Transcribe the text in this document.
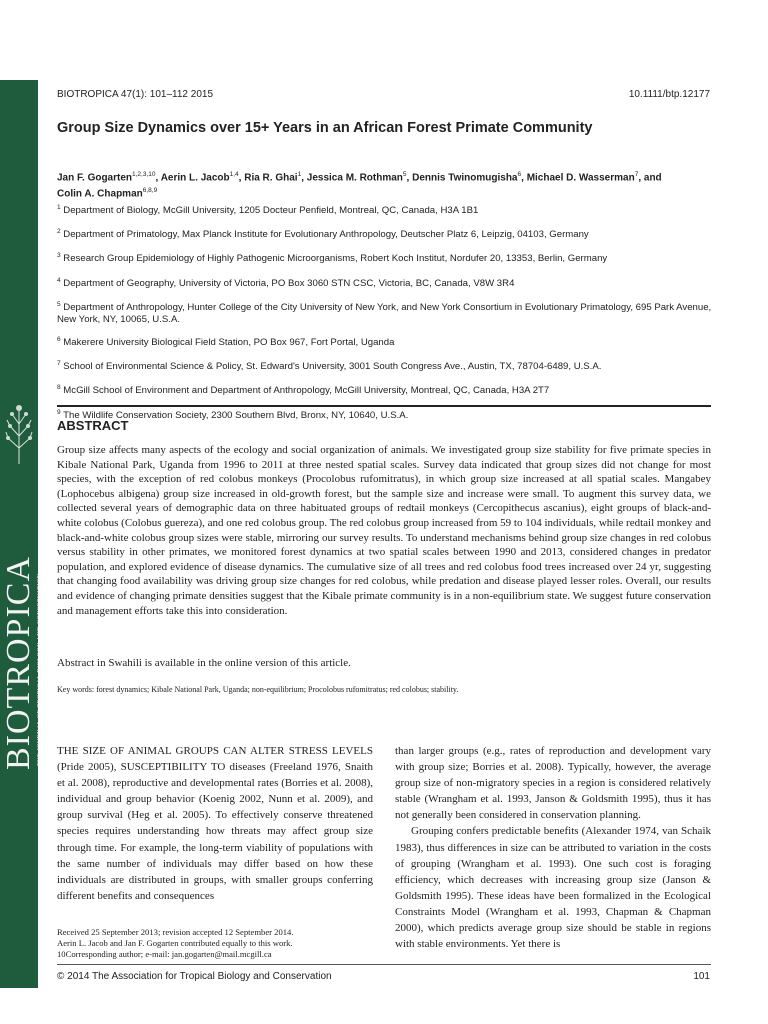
BIOTROPICA THE JOURNAL OF TROPICAL BIOLOGY AND CONSERVATION
BIOTROPICA 47(1): 101–112 2015	10.1111/btp.12177
Group Size Dynamics over 15+ Years in an African Forest Primate Community
Jan F. Gogarten$^{1,2,3,10}$, Aerin L. Jacob$^{1,4}$, Ria R. Ghai$^1$, Jessica M. Rothman$^5$, Dennis Twinomugisha$^6$, Michael D. Wasserman$^7$, and
Colin A. Chapman$^{6,8,9}$
$^1$ Department of Biology, McGill University, 1205 Docteur Penfield, Montreal, QC, Canada, H3A 1B1
$^2$ Department of Primatology, Max Planck Institute for Evolutionary Anthropology, Deutscher Platz 6, Leipzig, 04103, Germany
$^3$ Research Group Epidemiology of Highly Pathogenic Microorganisms, Robert Koch Institut, Nordufer 20, 13353, Berlin, Germany
$^4$ Department of Geography, University of Victoria, PO Box 3060 STN CSC, Victoria, BC, Canada, V8W 3R4
$^5$ Department of Anthropology, Hunter College of the City University of New York, and New York Consortium in Evolutionary Primatology, 695 Park Avenue, New York, NY, 10065, U.S.A.
$^6$ Makerere University Biological Field Station, PO Box 967, Fort Portal, Uganda
$^7$ School of Environmental Science & Policy, St. Edward's University, 3001 South Congress Ave., Austin, TX, 78704-6489, U.S.A.
$^8$ McGill School of Environment and Department of Anthropology, McGill University, Montreal, QC, Canada, H3A 2T7
$^9$ The Wildlife Conservation Society, 2300 Southern Blvd, Bronx, NY, 10640, U.S.A.
ABSTRACT
Group size affects many aspects of the ecology and social organization of animals. We investigated group size stability for five primate species in Kibale National Park, Uganda from 1996 to 2011 at three nested spatial scales. Survey data indicated that group sizes did not change for most species, with the exception of red colobus monkeys (Procolobus rufomitratus), in which group size increased at all spatial scales. Mangabey (Lophocebus albigena) group size increased in old-growth forest, but the sample size and increase were small. To augment this survey data, we collected several years of demographic data on three habituated groups of redtail monkeys (Cercopithecus ascanius), eight groups of black-and-white colobus (Colobus guereza), and one red colobus group. The red colobus group increased from 59 to 104 individuals, while redtail monkey and black-and-white colobus group sizes were stable, mirroring our survey results. To understand mechanisms behind group size changes in red colobus versus stability in other primates, we monitored forest dynamics at two spatial scales between 1990 and 2013, considered changes in predator population, and explored evidence of disease dynamics. The cumulative size of all trees and red colobus food trees increased over 24 yr, suggesting that changing food availability was driving group size changes for red colobus, while predation and disease played lesser roles. Overall, our results and evidence of changing primate densities suggest that the Kibale primate community is in a non-equilibrium state. We suggest future conservation and management efforts take this into consideration.
Abstract in Swahili is available in the online version of this article.
Key words: forest dynamics; Kibale National Park, Uganda; non-equilibrium; Procolobus rufomitratus; red colobus; stability.

THE SIZE OF ANIMAL GROUPS CAN ALTER STRESS LEVELS (Pride 2005), SUSCEPTIBILITY TO diseases (Freeland 1976, Snaith et al. 2008), reproductive and developmental rates (Borries et al. 2008), individual and group behavior (Koenig 2002, Nunn et al. 2009), and group survival (Heg et al. 2005). To effectively conserve threatened species requires understanding how threats may affect group size through time. For example, the long-term viability of populations with the same number of individuals may differ based on how these individuals are distributed in groups, with smaller groups conferring different benefits and consequences

than larger groups (e.g., rates of reproduction and development vary with group size; Borries et al. 2008). Typically, however, the average group size of non-migratory species in a region is considered relatively stable (Wrangham et al. 1993, Janson & Goldsmith 1995), thus it has not generally been considered in conservation planning.

Grouping confers predictable benefits (Alexander 1974, van Schaik 1983), thus differences in size can be attributed to variation in the costs of grouping (Wrangham et al. 1993). One such cost is foraging efficiency, which decreases with increasing group size (Janson & Goldsmith 1995). These ideas have been formalized in the Ecological Constraints Model (Wrangham et al. 1993, Chapman & Chapman 2000), which predicts average group size should be stable in regions with stable environments. Yet there is

Received 25 September 2013; revision accepted 12 September 2014.
Aerin L. Jacob and Jan F. Gogarten contributed equally to this work.
10Corresponding author; e-mail: jan.gogarten@mail.mcgill.ca
© 2014 The Association for Tropical Biology and Conservation	101
